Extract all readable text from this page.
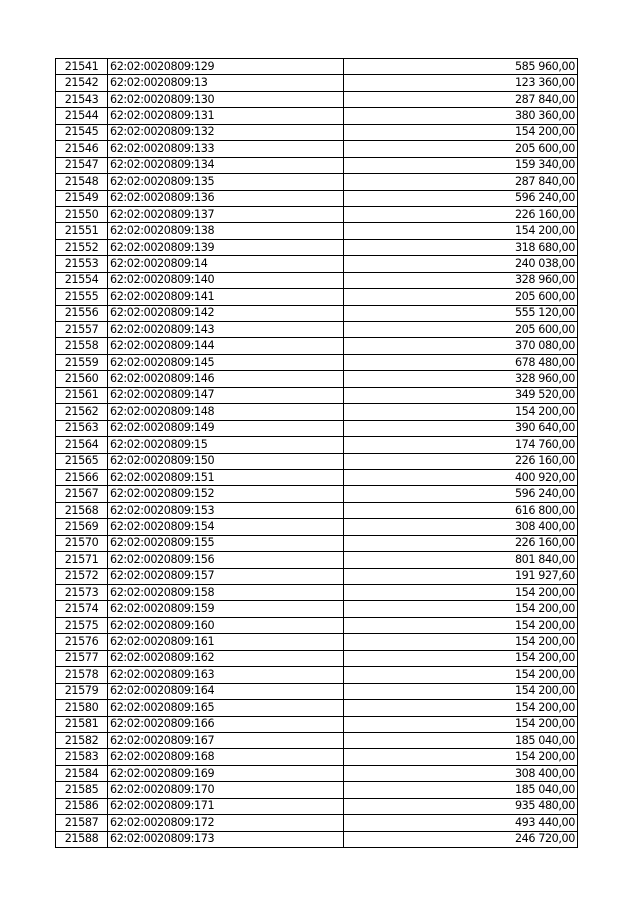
21541	62:02:0020809:129	585 960,00
21542	62:02:0020809:13	123 360,00
21543	62:02:0020809:130	287 840,00
21544	62:02:0020809:131	380 360,00
21545	62:02:0020809:132	154 200,00
21546	62:02:0020809:133	205 600,00
21547	62:02:0020809:134	159 340,00
21548	62:02:0020809:135	287 840,00
21549	62:02:0020809:136	596 240,00
21550	62:02:0020809:137	226 160,00
21551	62:02:0020809:138	154 200,00
21552	62:02:0020809:139	318 680,00
21553	62:02:0020809:14	240 038,00
21554	62:02:0020809:140	328 960,00
21555	62:02:0020809:141	205 600,00
21556	62:02:0020809:142	555 120,00
21557	62:02:0020809:143	205 600,00
21558	62:02:0020809:144	370 080,00
21559	62:02:0020809:145	678 480,00
21560	62:02:0020809:146	328 960,00
21561	62:02:0020809:147	349 520,00
21562	62:02:0020809:148	154 200,00
21563	62:02:0020809:149	390 640,00
21564	62:02:0020809:15	174 760,00
21565	62:02:0020809:150	226 160,00
21566	62:02:0020809:151	400 920,00
21567	62:02:0020809:152	596 240,00
21568	62:02:0020809:153	616 800,00
21569	62:02:0020809:154	308 400,00
21570	62:02:0020809:155	226 160,00
21571	62:02:0020809:156	801 840,00
21572	62:02:0020809:157	191 927,60
21573	62:02:0020809:158	154 200,00
21574	62:02:0020809:159	154 200,00
21575	62:02:0020809:160	154 200,00
21576	62:02:0020809:161	154 200,00
21577	62:02:0020809:162	154 200,00
21578	62:02:0020809:163	154 200,00
21579	62:02:0020809:164	154 200,00
21580	62:02:0020809:165	154 200,00
21581	62:02:0020809:166	154 200,00
21582	62:02:0020809:167	185 040,00
21583	62:02:0020809:168	154 200,00
21584	62:02:0020809:169	308 400,00
21585	62:02:0020809:170	185 040,00
21586	62:02:0020809:171	935 480,00
21587	62:02:0020809:172	493 440,00
21588	62:02:0020809:173	246 720,00
